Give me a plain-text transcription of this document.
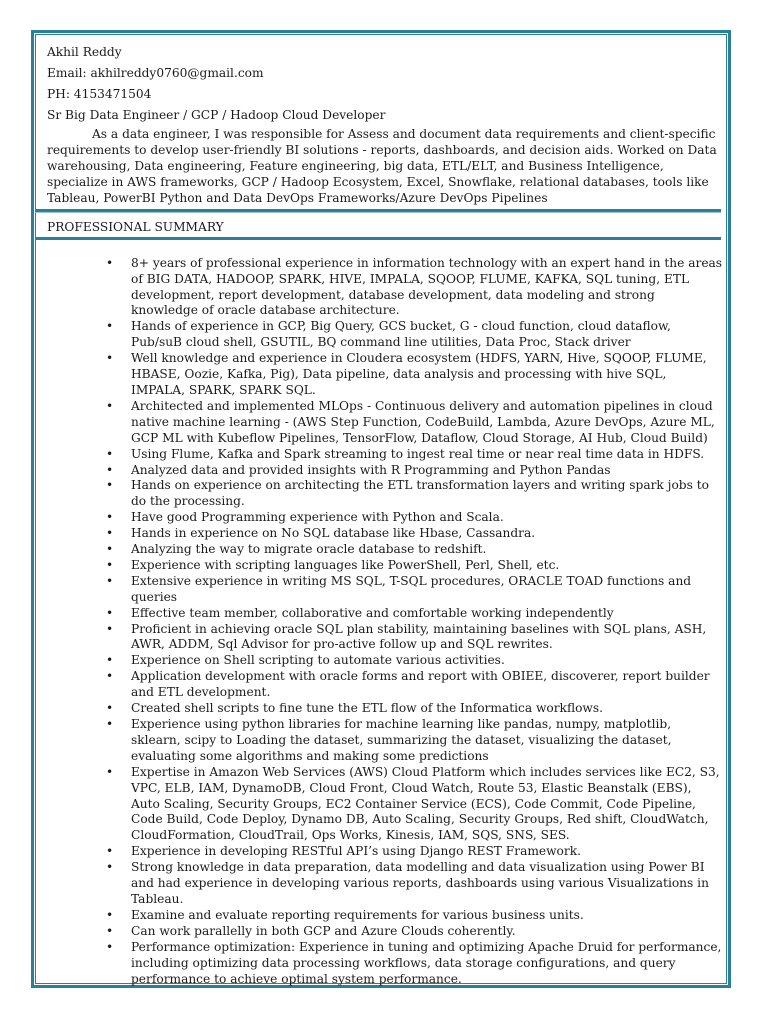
Akhil Reddy
Email: akhilreddy0760@gmail.com
PH: 4153471504
Sr Big Data Engineer / GCP / Hadoop Cloud Developer

As a data engineer, I was responsible for Assess and document data requirements and client-specific requirements to develop user-friendly BI solutions - reports, dashboards, and decision aids. Worked on Data warehousing, Data engineering, Feature engineering, big data, ETL/ELT, and Business Intelligence, specialize in AWS frameworks, GCP / Hadoop Ecosystem, Excel, Snowflake, relational databases, tools like Tableau, PowerBI Python and Data DevOps Frameworks/Azure DevOps Pipelines

PROFESSIONAL SUMMARY
• 8+ years of professional experience in information technology with an expert hand in the areas of BIG DATA, HADOOP, SPARK, HIVE, IMPALA, SQOOP, FLUME, KAFKA, SQL tuning, ETL development, report development, database development, data modeling and strong knowledge of oracle database architecture.
• Hands of experience in GCP, Big Query, GCS bucket, G - cloud function, cloud dataflow, Pub/suB cloud shell, GSUTIL, BQ command line utilities, Data Proc, Stack driver
• Well knowledge and experience in Cloudera ecosystem (HDFS, YARN, Hive, SQOOP, FLUME, HBASE, Oozie, Kafka, Pig), Data pipeline, data analysis and processing with hive SQL, IMPALA, SPARK, SPARK SQL.
• Architected and implemented MLOps - Continuous delivery and automation pipelines in cloud native machine learning - (AWS Step Function, CodeBuild, Lambda, Azure DevOps, Azure ML, GCP ML with Kubeflow Pipelines, TensorFlow, Dataflow, Cloud Storage, AI Hub, Cloud Build)
• Using Flume, Kafka and Spark streaming to ingest real time or near real time data in HDFS.
• Analyzed data and provided insights with R Programming and Python Pandas
• Hands on experience on architecting the ETL transformation layers and writing spark jobs to do the processing.
• Have good Programming experience with Python and Scala.
• Hands in experience on No SQL database like Hbase, Cassandra.
• Analyzing the way to migrate oracle database to redshift.
• Experience with scripting languages like PowerShell, Perl, Shell, etc.
• Extensive experience in writing MS SQL, T-SQL procedures, ORACLE TOAD functions and queries
• Effective team member, collaborative and comfortable working independently
• Proficient in achieving oracle SQL plan stability, maintaining baselines with SQL plans, ASH, AWR, ADDM, Sql Advisor for pro-active follow up and SQL rewrites.
• Experience on Shell scripting to automate various activities.
• Application development with oracle forms and report with OBIEE, discoverer, report builder and ETL development.
• Created shell scripts to fine tune the ETL flow of the Informatica workflows.
• Experience using python libraries for machine learning like pandas, numpy, matplotlib, sklearn, scipy to Loading the dataset, summarizing the dataset, visualizing the dataset, evaluating some algorithms and making some predictions
• Expertise in Amazon Web Services (AWS) Cloud Platform which includes services like EC2, S3, VPC, ELB, IAM, DynamoDB, Cloud Front, Cloud Watch, Route 53, Elastic Beanstalk (EBS), Auto Scaling, Security Groups, EC2 Container Service (ECS), Code Commit, Code Pipeline, Code Build, Code Deploy, Dynamo DB, Auto Scaling, Security Groups, Red shift, CloudWatch, CloudFormation, CloudTrail, Ops Works, Kinesis, IAM, SQS, SNS, SES.
• Experience in developing RESTful API’s using Django REST Framework.
• Strong knowledge in data preparation, data modelling and data visualization using Power BI and had experience in developing various reports, dashboards using various Visualizations in Tableau.
• Examine and evaluate reporting requirements for various business units.
• Can work parallelly in both GCP and Azure Clouds coherently.
• Performance optimization: Experience in tuning and optimizing Apache Druid for performance, including optimizing data processing workflows, data storage configurations, and query performance to achieve optimal system performance.
